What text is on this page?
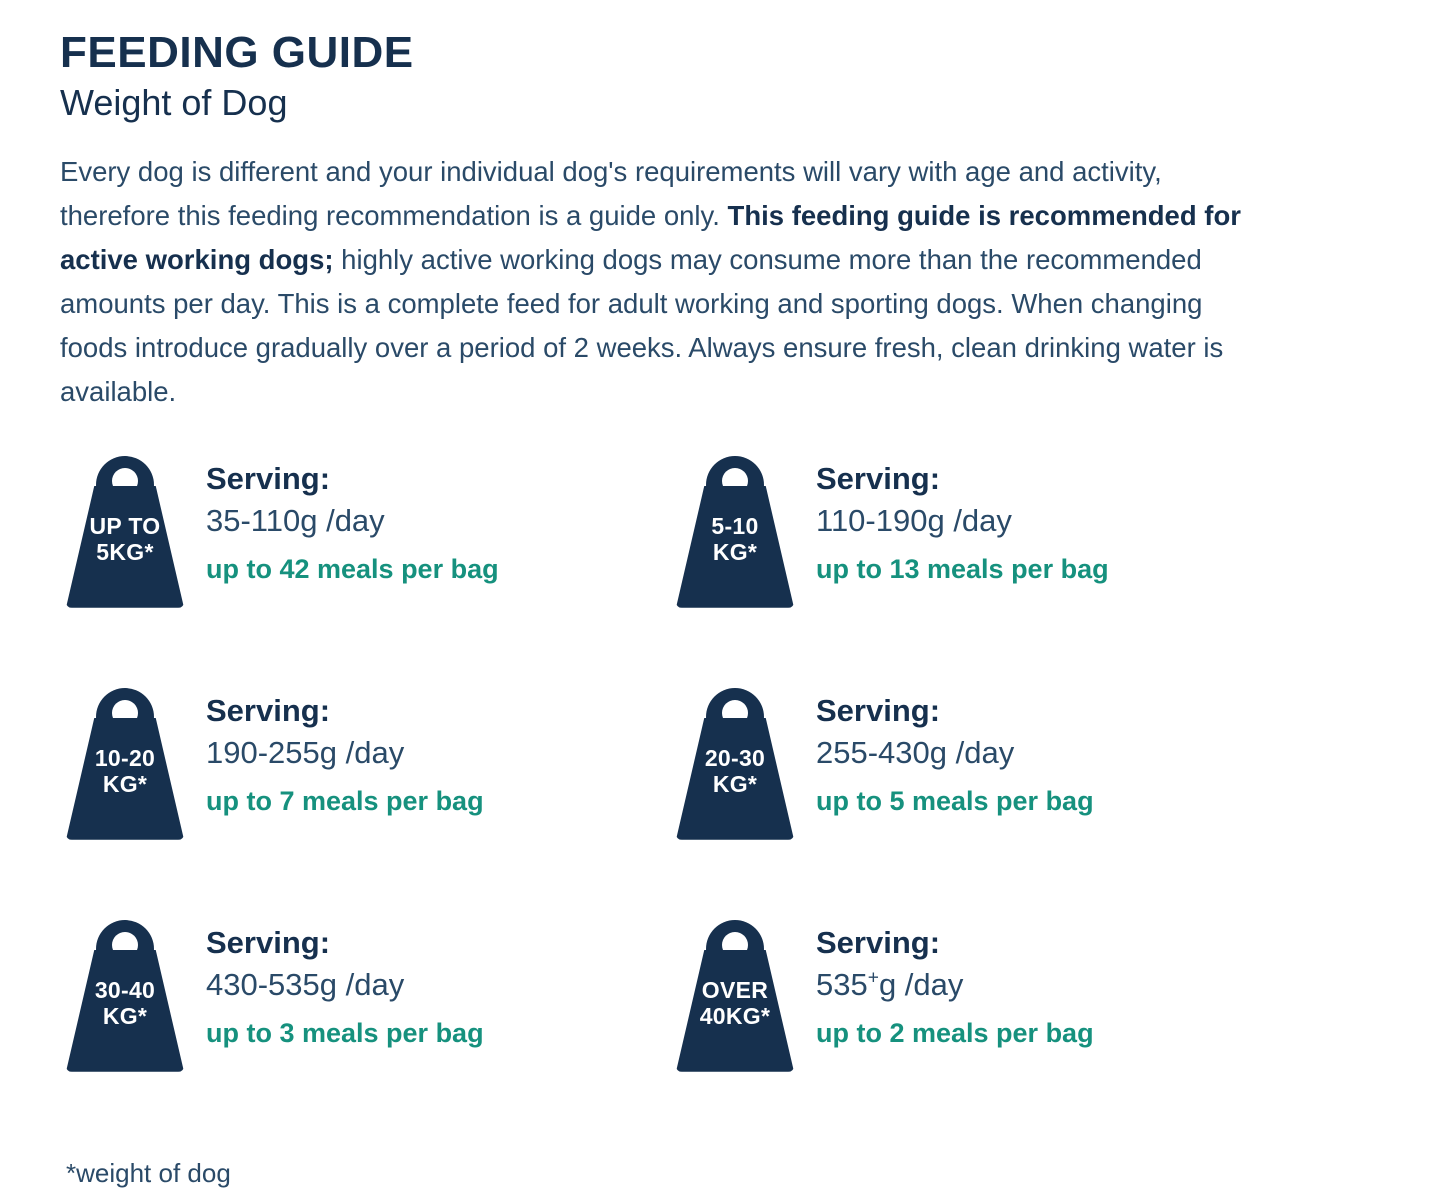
FEEDING GUIDE
Weight of Dog

Every dog is different and your individual dog's requirements will vary with age and activity, therefore this feeding recommendation is a guide only. This feeding guide is recommended for active working dogs; highly active working dogs may consume more than the recommended amounts per day. This is a complete feed for adult working and sporting dogs. When changing foods introduce gradually over a period of 2 weeks. Always ensure fresh, clean drinking water is available.

UP TO
5KG*
Serving:
35-110g /day
up to 42 meals per bag
5-10
KG*
Serving:
110-190g /day
up to 13 meals per bag
10-20
KG*
Serving:
190-255g /day
up to 7 meals per bag
20-30
KG*
Serving:
255-430g /day
up to 5 meals per bag
30-40
KG*
Serving:
430-535g /day
up to 3 meals per bag
OVER
40KG*
Serving:
535+g /day
up to 2 meals per bag
*weight of dog
